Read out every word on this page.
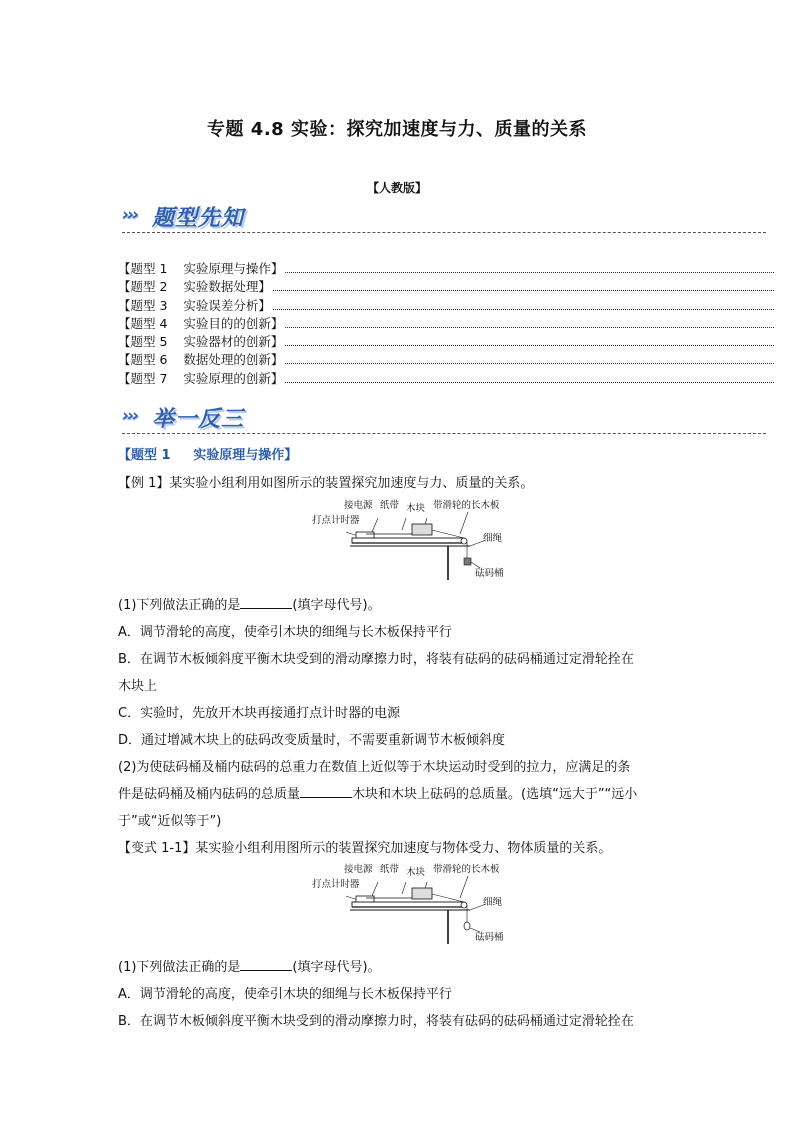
专题 4.8 实验：探究加速度与力、质量的关系
【人教版】
››› 题型先知
【题型 1    实验原理与操作】
【题型 2    实验数据处理】
【题型 3    实验误差分析】
【题型 4    实验目的的创新】
【题型 5    实验器材的创新】
【题型 6    数据处理的创新】
【题型 7    实验原理的创新】
››› 举一反三
【题型 1     实验原理与操作】
【例 1】某实验小组利用如图所示的装置探究加速度与力、质量的关系。
接电源 纸带 木块 带滑轮的长木板
打点计时器
细绳
砝码桶
(1)下列做法正确的是	(填字母代号)。
A．调节滑轮的高度，使牵引木块的细绳与长木板保持平行
B．在调节木板倾斜度平衡木块受到的滑动摩擦力时，将装有砝码的砝码桶通过定滑轮拴在
木块上
C．实验时，先放开木块再接通打点计时器的电源
D．通过增减木块上的砝码改变质量时，不需要重新调节木板倾斜度
(2)为使砝码桶及桶内砝码的总重力在数值上近似等于木块运动时受到的拉力，应满足的条
件是砝码桶及桶内砝码的总质量	木块和木块上砝码的总质量。(选填“远大于”“远小
于”或“近似等于”)
【变式 1-1】某实验小组利用图所示的装置探究加速度与物体受力、物体质量的关系。
接电源 纸带 木块 带滑轮的长木板
打点计时器
细绳
砝码桶
(1)下列做法正确的是	(填字母代号)。
A．调节滑轮的高度，使牵引木块的细绳与长木板保持平行
B．在调节木板倾斜度平衡木块受到的滑动摩擦力时，将装有砝码的砝码桶通过定滑轮拴在
